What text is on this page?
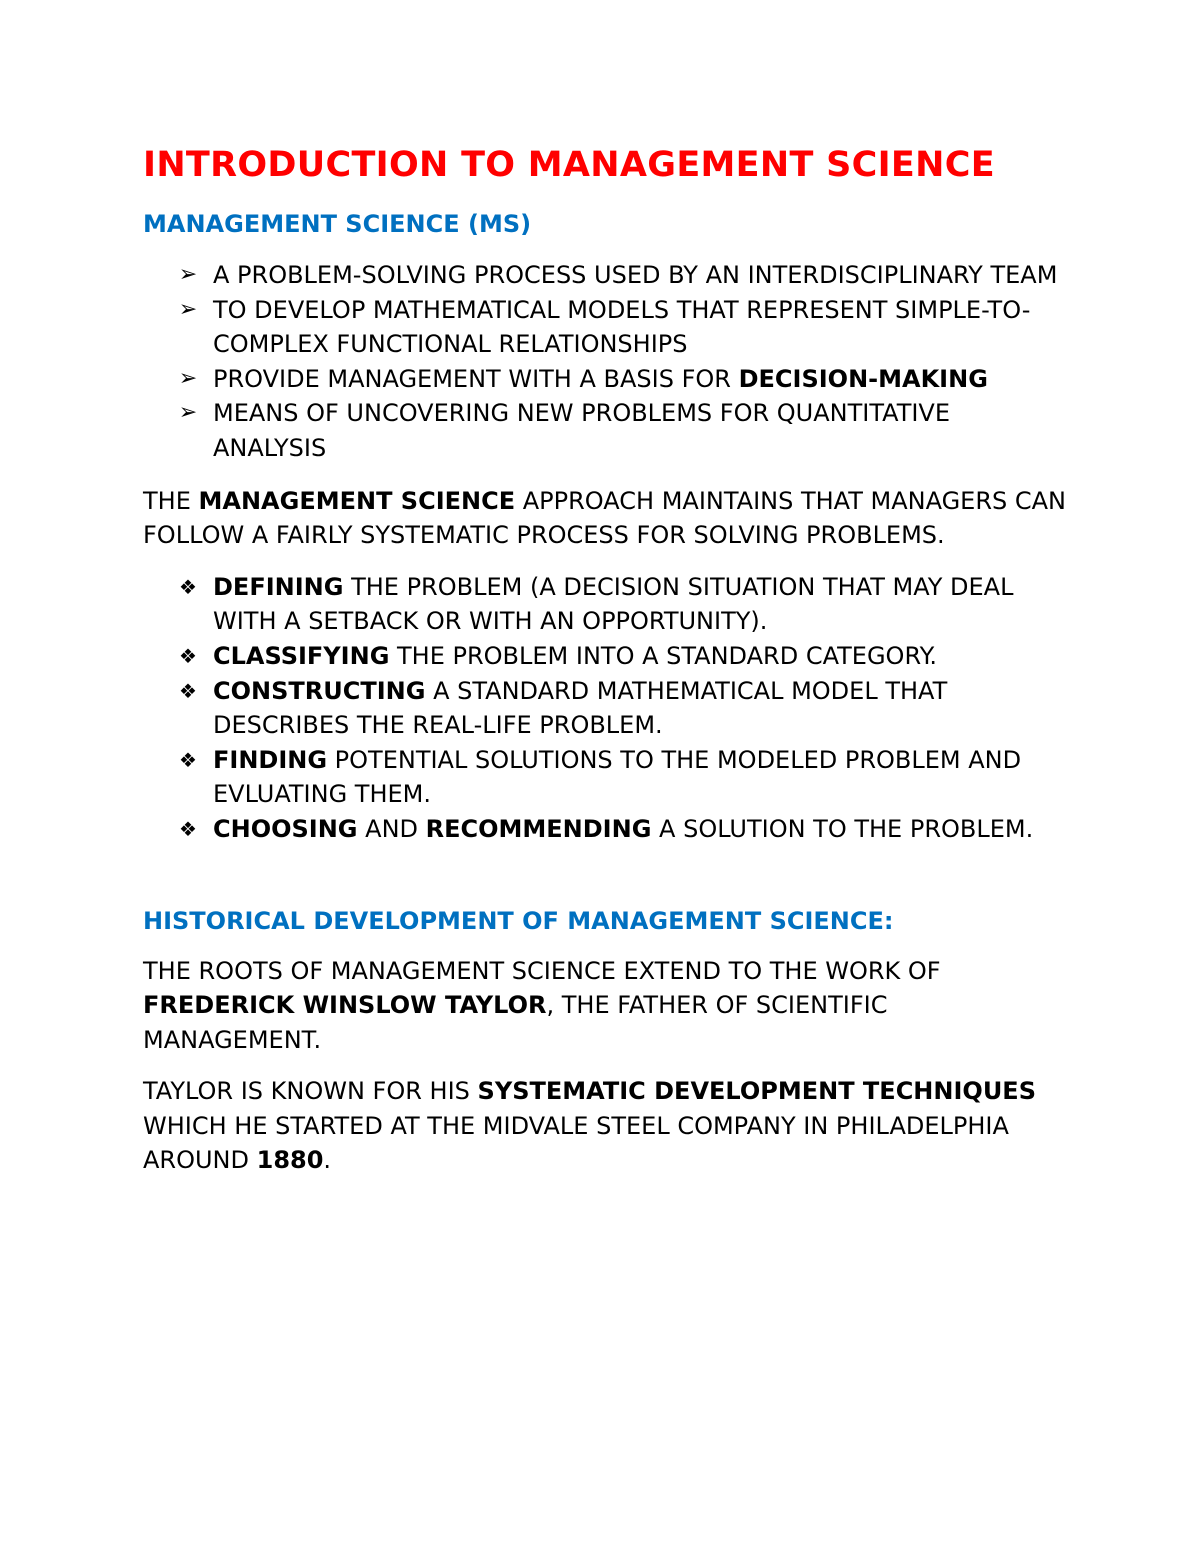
INTRODUCTION TO MANAGEMENT SCIENCE
MANAGEMENT SCIENCE (MS)
➢ A PROBLEM-SOLVING PROCESS USED BY AN INTERDISCIPLINARY TEAM
➢ TO DEVELOP MATHEMATICAL MODELS THAT REPRESENT SIMPLE-TO-COMPLEX FUNCTIONAL RELATIONSHIPS
➢ PROVIDE MANAGEMENT WITH A BASIS FOR DECISION-MAKING
➢ MEANS OF UNCOVERING NEW PROBLEMS FOR QUANTITATIVE ANALYSIS

THE MANAGEMENT SCIENCE APPROACH MAINTAINS THAT MANAGERS CAN FOLLOW A FAIRLY SYSTEMATIC PROCESS FOR SOLVING PROBLEMS.

❖ DEFINING THE PROBLEM (A DECISION SITUATION THAT MAY DEAL WITH A SETBACK OR WITH AN OPPORTUNITY).
❖ CLASSIFYING THE PROBLEM INTO A STANDARD CATEGORY.
❖ CONSTRUCTING A STANDARD MATHEMATICAL MODEL THAT DESCRIBES THE REAL-LIFE PROBLEM.
❖ FINDING POTENTIAL SOLUTIONS TO THE MODELED PROBLEM AND EVLUATING THEM.
❖ CHOOSING AND RECOMMENDING A SOLUTION TO THE PROBLEM.
HISTORICAL DEVELOPMENT OF MANAGEMENT SCIENCE:

THE ROOTS OF MANAGEMENT SCIENCE EXTEND TO THE WORK OF FREDERICK WINSLOW TAYLOR, THE FATHER OF SCIENTIFIC MANAGEMENT.

TAYLOR IS KNOWN FOR HIS SYSTEMATIC DEVELOPMENT TECHNIQUES WHICH HE STARTED AT THE MIDVALE STEEL COMPANY IN PHILADELPHIA AROUND 1880.
